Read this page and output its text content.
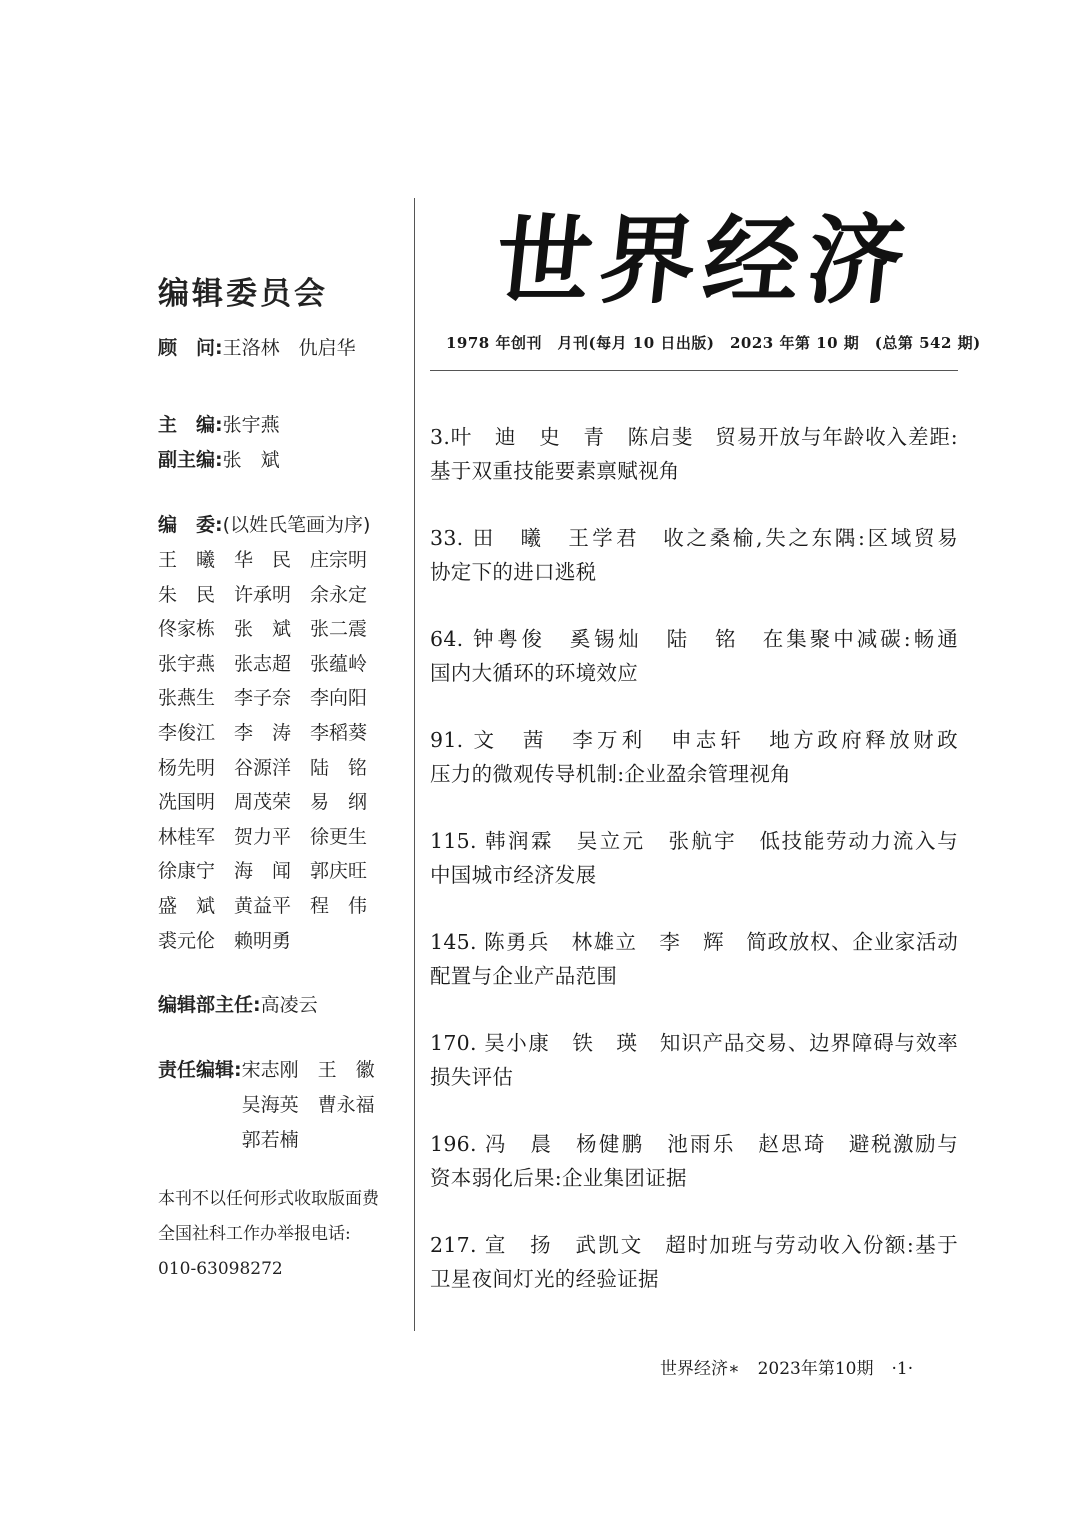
编辑委员会
顾　问:王洛林　仇启华
主　编:张宇燕
副主编:张　斌
编　委:(以姓氏笔画为序)
王　曦 华　民 庄宗明
朱　民 许承明 余永定
佟家栋 张　斌 张二震
张宇燕 张志超 张蕴岭
张燕生 李子奈 李向阳
李俊江 李　涛 李稻葵
杨先明 谷源洋 陆　铭
冼国明 周茂荣 易　纲
林桂军 贺力平 徐更生
徐康宁 海　闻 郭庆旺
盛　斌 黄益平 程　伟
裘元伦 赖明勇
编辑部主任:高凌云
责任编辑: 宋志刚 王　徽
吴海英 曹永福
郭若楠
本刊不以任何形式收取版面费
全国社科工作办举报电话:
010-63098272
世界经济
1978 年创刊　月刊(每月 10 日出版)　2023 年第 10 期　(总第 542 期)
3.叶　迪　史　青　陈启斐　 贸易开放与年龄收入差距:
基于双重技能要素禀赋视角
33. 田　曦　王学君　 收之桑榆,失之东隅:区域贸易
协定下的进口逃税
64. 钟粤俊　奚锡灿　陆　铭　 在集聚中减碳:畅通
国内大循环的环境效应
91. 文　茜　李万利　申志轩　 地方政府释放财政
压力的微观传导机制:企业盈余管理视角
115. 韩润霖　吴立元　张航宇　 低技能劳动力流入与
中国城市经济发展
145. 陈勇兵　林雄立　李　辉　 简政放权、企业家活动
配置与企业产品范围
170. 吴小康　铁　瑛　 知识产品交易、边界障碍与效率
损失评估
196. 冯　晨　杨健鹏　池雨乐　赵思琦　 避税激励与
资本弱化后果:企业集团证据
217. 宣　扬　武凯文　 超时加班与劳动收入份额:基于
卫星夜间灯光的经验证据
世界经济∗ 2023年第10期 ·1·
